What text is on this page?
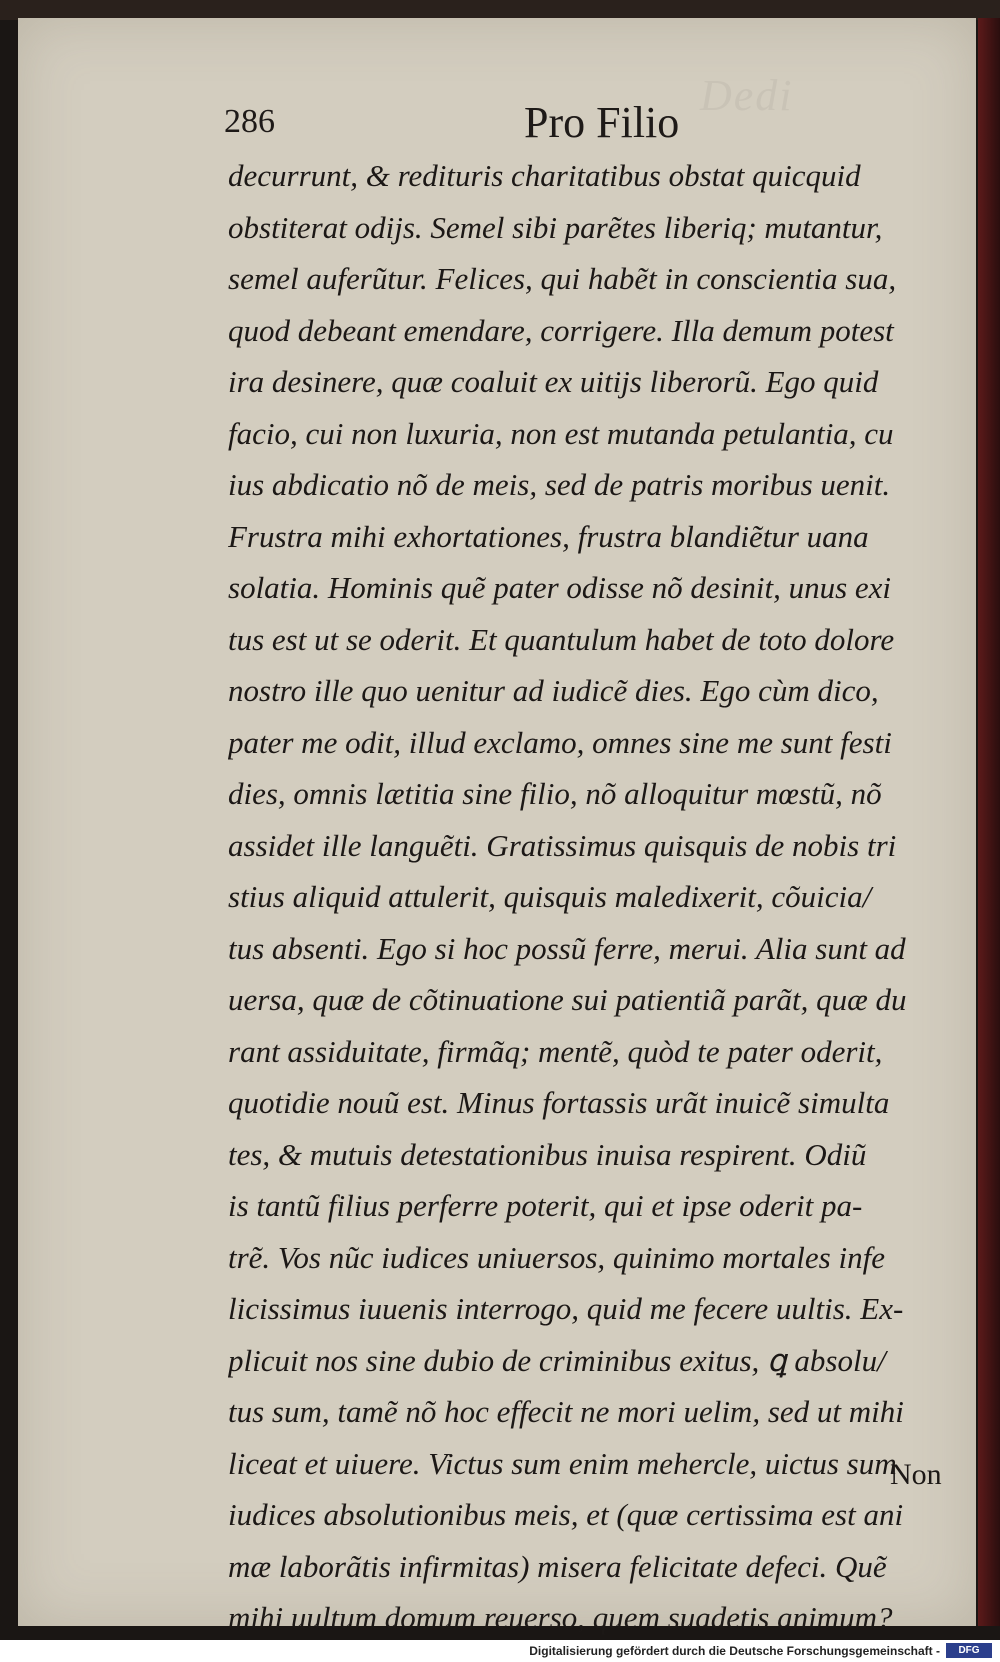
Dedi
286	Pro Filio
decurrunt, & redituris charitatibus obstat quicquid
obstiterat odijs. Semel sibi parẽtes liberiq; mutantur,
semel auferũtur. Felices, qui habẽt in conscientia sua,
quod debeant emendare, corrigere. Illa demum potest
ira desinere, quæ coaluit ex uitijs liberorũ. Ego quid
facio, cui non luxuria, non est mutanda petulantia, cu
ius abdicatio nõ de meis, sed de patris moribus uenit.
Frustra mihi exhortationes, frustra blandiẽtur uana
solatia. Hominis quẽ pater odisse nõ desinit, unus exi
tus est ut se oderit. Et quantulum habet de toto dolore
nostro ille quo uenitur ad iudicẽ dies. Ego cùm dico,
pater me odit, illud exclamo, omnes sine me sunt festi
dies, omnis lætitia sine filio, nõ alloquitur mœstũ, nõ
assidet ille languẽti. Gratissimus quisquis de nobis tri
stius aliquid attulerit, quisquis maledixerit, cõuicia/
tus absenti. Ego si hoc possũ ferre, merui. Alia sunt ad
uersa, quæ de cõtinuatione sui patientiã parãt, quæ du
rant assiduitate, firmãq; mentẽ, quòd te pater oderit,
quotidie nouũ est. Minus fortassis urãt inuicẽ simulta
tes, & mutuis detestationibus inuisa respirent. Odiũ
is tantũ filius perferre poterit, qui et ipse oderit pa-
trẽ. Vos nũc iudices uniuersos, quinimo mortales infe
licissimus iuuenis interrogo, quid me fecere uultis. Ex-
plicuit nos sine dubio de criminibus exitus, ꝗ absolu/
tus sum, tamẽ nõ hoc effecit ne mori uelim, sed ut mihi
liceat et uiuere. Victus sum enim mehercle, uictus sum
iudices absolutionibus meis, et (quæ certissima est ani
mæ laborãtis infirmitas) misera felicitate defeci. Quẽ
mihi uultum domum reuerso, quem suadetis animum?
Non
Digitalisierung gefördert durch die Deutsche Forschungsgemeinschaft -	DFG
